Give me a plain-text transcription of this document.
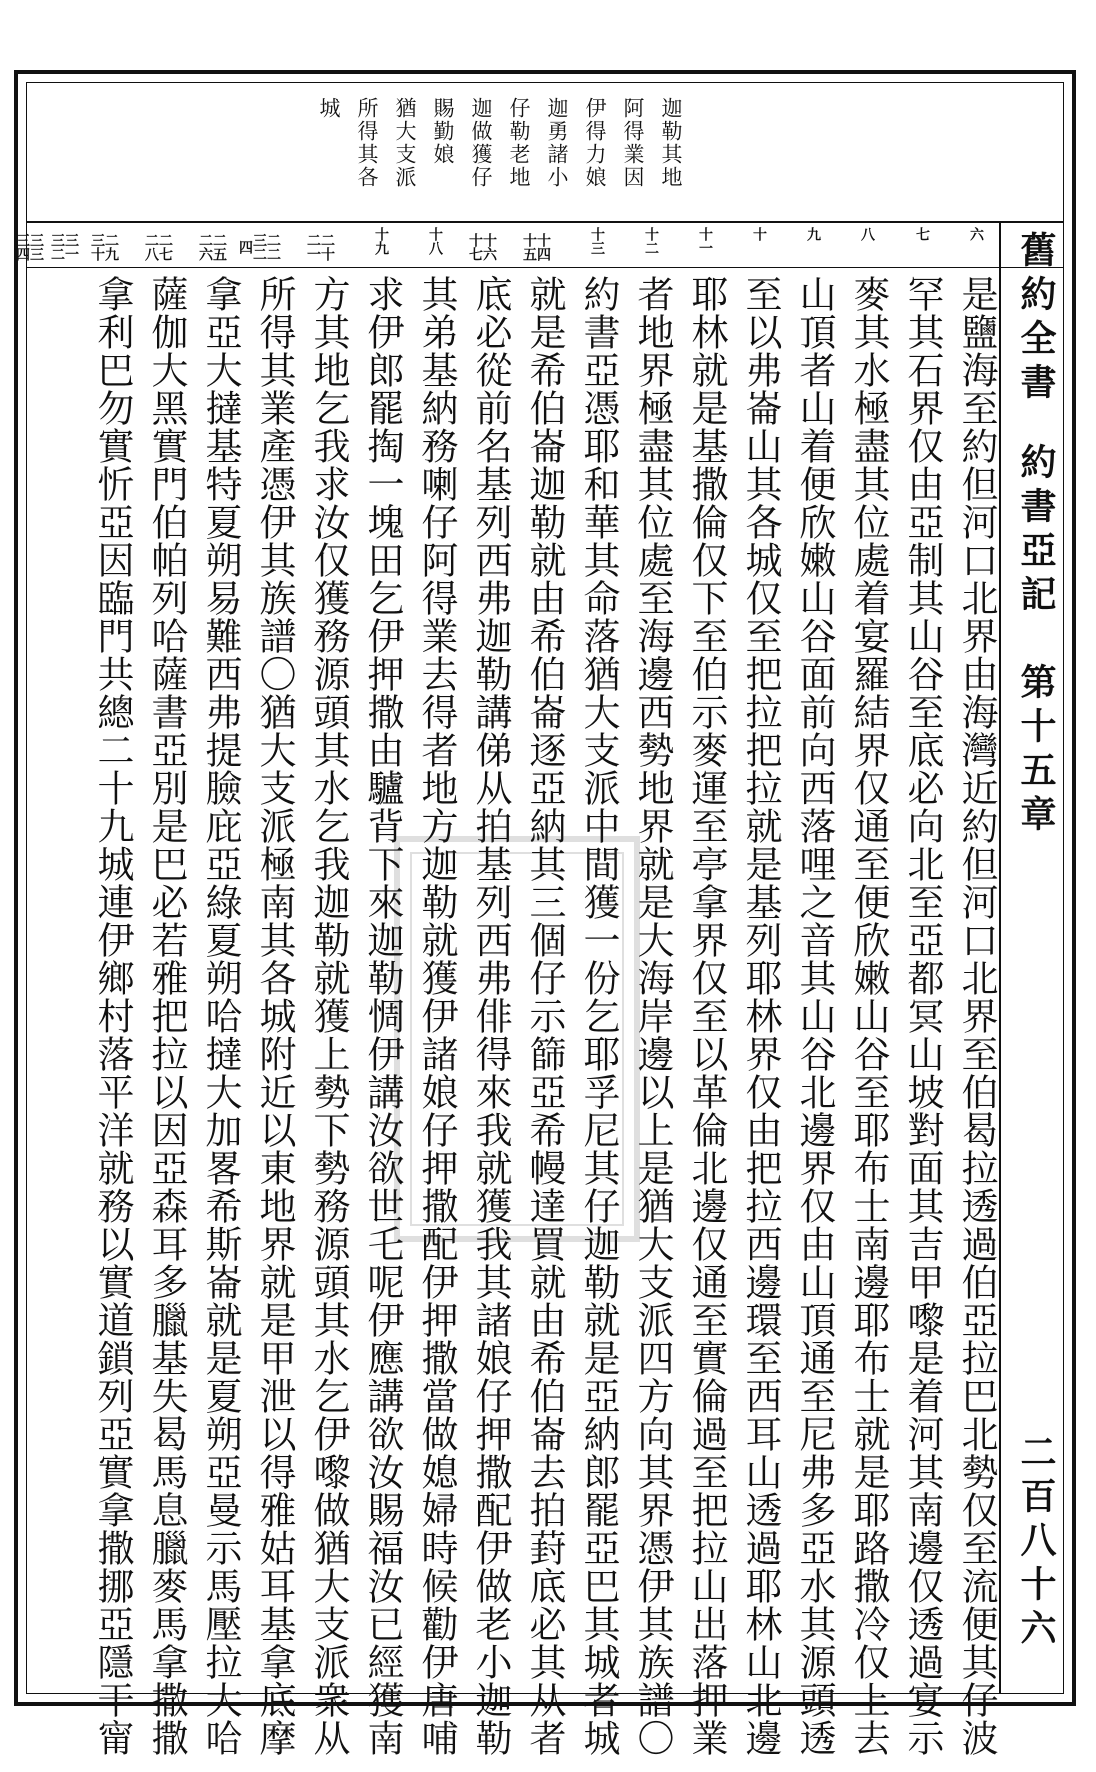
迦勒其地
阿得業因
伊得力娘
迦勇諸小
仔勒老地
迦做獲仔
賜勤娘
猶大支派
所得其各
城
六
七
八
九
十
十一
十二
十三
十四十五
十六十七
十八
十九
二十二一
二二三二四
二五二六
二七二八
二九三十
三一三二
三三三四	舊約全書
約書亞記　第十五章
二百八十六
是鹽海至約但河口北界由海灣近約但河口北界至伯曷拉透過伯亞拉巴北勢仅至流便其仔波
罕其石界仅由亞制其山谷至底必向北至亞都冥山坡對面其吉甲嚟是着河其南邊仅透過宴示
麥其水極盡其位處着宴羅結界仅通至便欣嫩山谷至耶布士南邊耶布士就是耶路撒冷仅上去
山頂者山着便欣嫩山谷面前向西落哩之音其山谷北邊界仅由山頂通至尼弗多亞水其源頭透
至以弗崙山其各城仅至把拉把拉就是基列耶林界仅由把拉西邊環至西耳山透過耶林山北邊
耶林就是基撒倫仅下至伯示麥運至亭拿界仅至以革倫北邊仅通至實倫過至把拉山出落押業
者地界極盡其位處至海邊西勢地界就是大海岸邊以上是猶大支派四方向其界憑伊其族譜〇
約書亞憑耶和華其命落猶大支派中間獲一份乞耶孚尼其仔迦勒就是亞納郎罷亞巴其城者城
就是希伯崙迦勒就由希伯崙逐亞納其三個仔示篩亞希幔達買就由希伯崙去拍葑底必其从者
底必從前名基列西弗迦勒講俤从拍基列西弗俳得來我就獲我其諸娘仔押撒配伊做老小迦勒
其弟基納務喇仔阿得業去得者地方迦勒就獲伊諸娘仔押撒配伊押撒當做媳婦時候勸伊唐哺
求伊郎罷掏一塊田乞伊押撒由驢背下來迦勒惆伊講汝欲世乇呢伊應講欲汝賜福汝已經獲南
方其地乞我求汝仅獲務源頭其水乞我迦勒就獲上勢下勢務源頭其水乞伊嚟做猶大支派衆从
所得其業產憑伊其族譜〇猶大支派極南其各城附近以東地界就是甲泄以得雅姑耳基拿底摩
拿亞大撻基特夏朔易難西弗提臉庇亞綠夏朔哈撻大加畧希斯崙就是夏朔亞曼示馬壓拉大哈
薩伽大黑實門伯帕列哈薩書亞別是巴必若雅把拉以因亞森耳多臘基失曷馬息臘麥馬拿撒撒
拿利巴勿實忻亞因臨門共總二十九城連伊鄉村落平洋就務以實道鎖列亞實拿撒挪亞隱干甯
